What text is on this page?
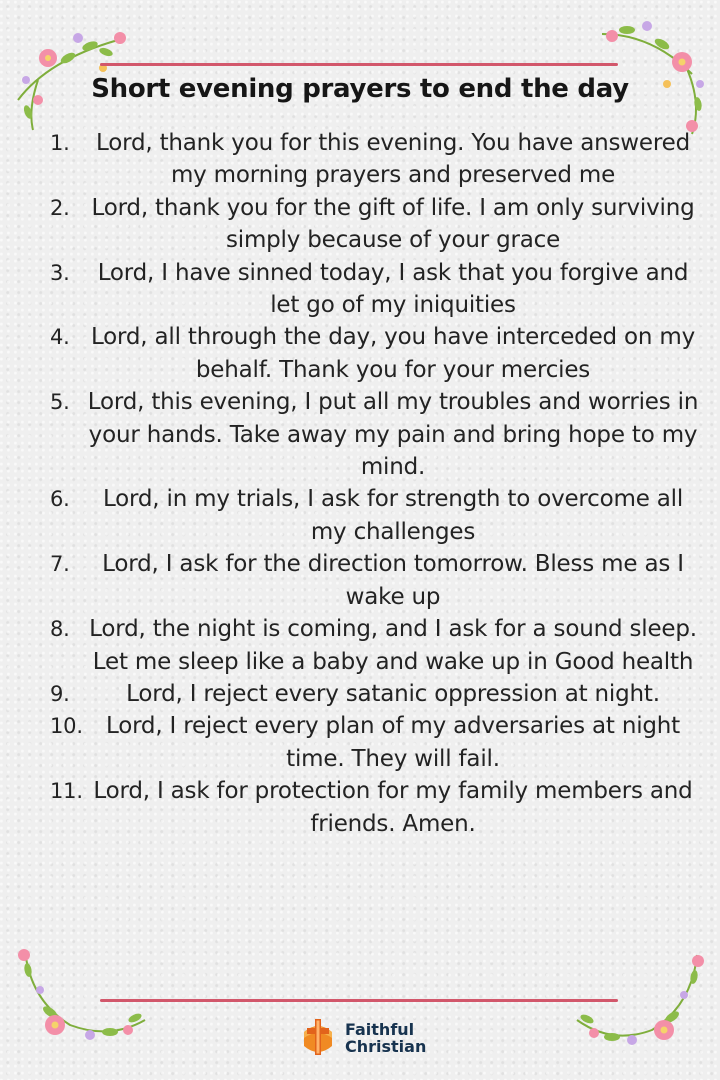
Short evening prayers to end the day
1.	Lord, thank you for this evening. You have answered my morning prayers and preserved me
2. Lord, thank you for the gift of life. I am only surviving simply because of your grace
3.	Lord, I have sinned today, I ask that you forgive and let go of my iniquities
4. Lord, all through the day, you have interceded on my behalf. Thank you for your mercies
5. Lord, this evening, I put all my troubles and worries in your hands. Take away my pain and bring hope to my mind.
6.	Lord, in my trials, I ask for strength to overcome all my challenges
7.	Lord, I ask for the direction tomorrow. Bless me as I wake up
8. Lord, the night is coming, and I ask for a sound sleep. Let me sleep like a baby and wake up in Good health
9.	Lord, I reject every satanic oppression at night.
10.	Lord, I reject every plan of my adversaries at night time. They will fail.
11. Lord, I ask for protection for my family members and friends. Amen.
Faithful
Christian
